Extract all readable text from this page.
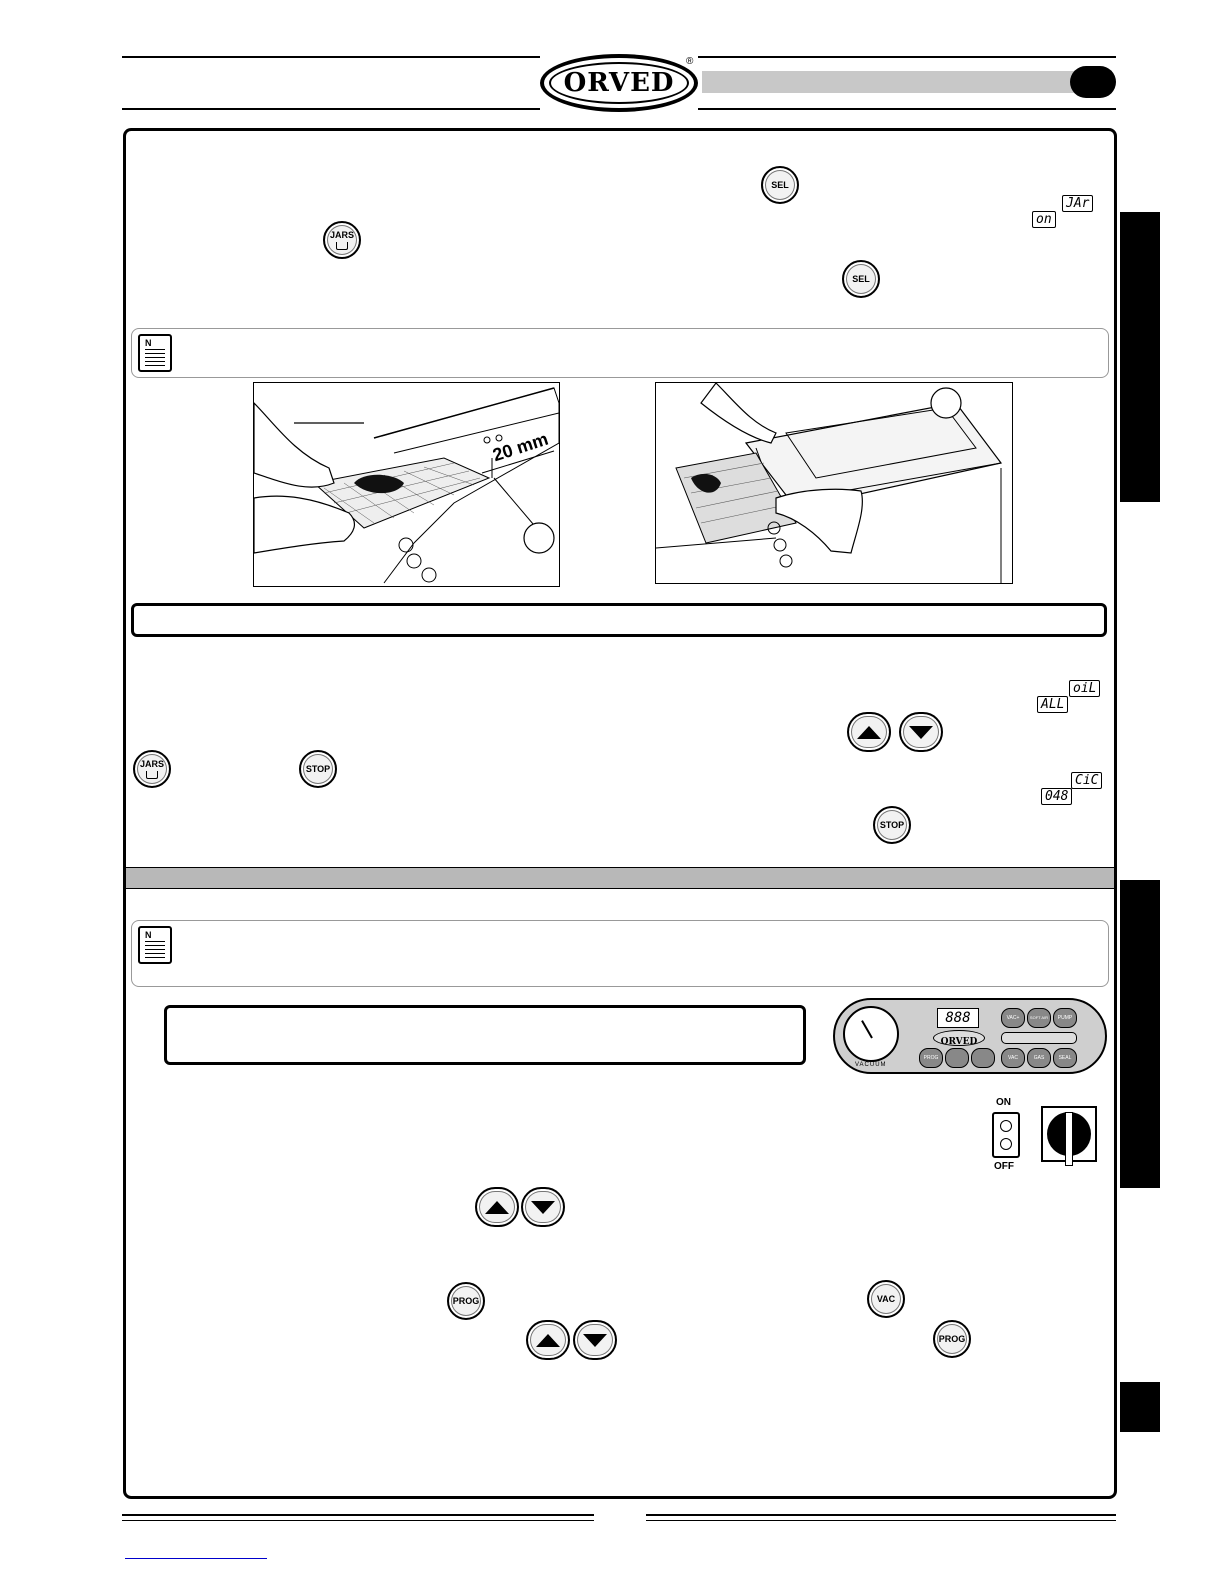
ORVED
®
SEL
JARS
SEL
on
JAr
N
20 mm
ALL
oiL
JARS
STOP
048
CiC
STOP
N
VACUUM
888
ORVED
VAC+	SOFT AIR	PUMP
PROG	VAC	GAS	SEAL
ON
OFF
PROG	VAC
PROG
